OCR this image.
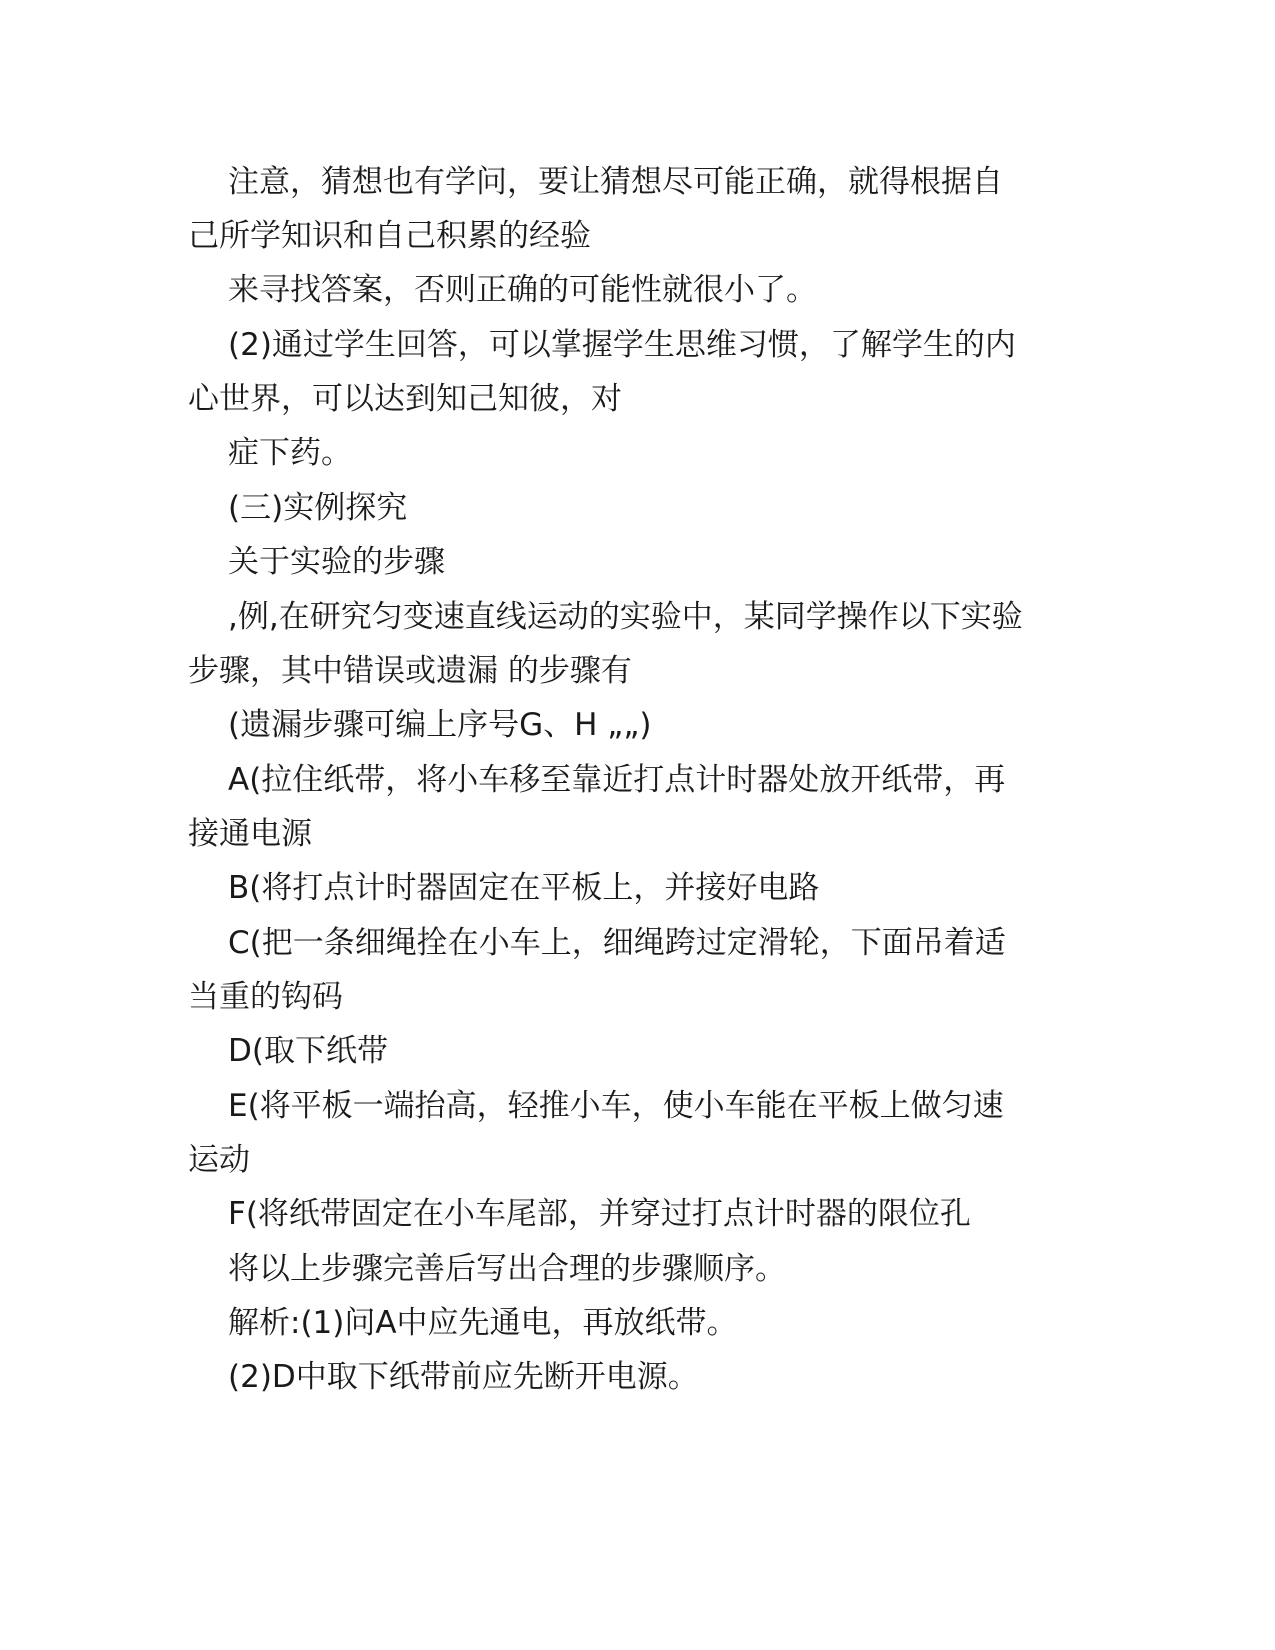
注意，猜想也有学问，要让猜想尽可能正确，就得根据自
己所学知识和自己积累的经验
来寻找答案，否则正确的可能性就很小了。
(2)通过学生回答，可以掌握学生思维习惯，了解学生的内
心世界，可以达到知己知彼，对
症下药。
(三)实例探究
关于实验的步骤
,例,在研究匀变速直线运动的实验中，某同学操作以下实验
步骤，其中错误或遗漏 的步骤有
(遗漏步骤可编上序号G、H „„)
A(拉住纸带，将小车移至靠近打点计时器处放开纸带，再
接通电源
B(将打点计时器固定在平板上，并接好电路
C(把一条细绳拴在小车上，细绳跨过定滑轮，下面吊着适
当重的钩码
D(取下纸带
E(将平板一端抬高，轻推小车，使小车能在平板上做匀速
运动
F(将纸带固定在小车尾部，并穿过打点计时器的限位孔
将以上步骤完善后写出合理的步骤顺序。
解析:(1)问A中应先通电，再放纸带。
(2)D中取下纸带前应先断开电源。
